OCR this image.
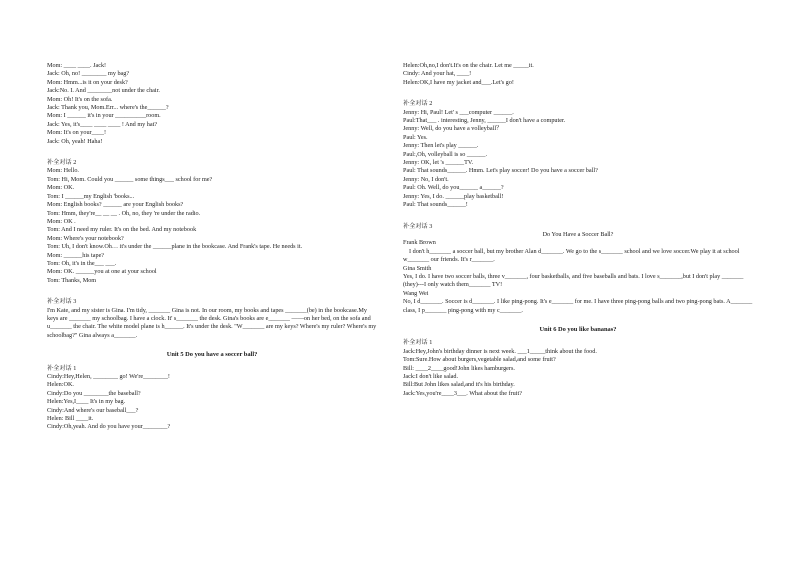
Mom: ____ ____. Jack!
Jack: Oh, no! ________ my bag?
Mom: Hmm...is it on your desk?
Jack:No. I. And ________not under the chair.
Mom: Oh! It's on the sofa.
Jack: Thank you, Mom.Err... where's the______?
Mom: I ______ it's in your __________room.
Jack: Yes, it's____ ____ ____ ! And my hat?
Mom: It's on your____!
Jack: Oh, yeah! Haha!
补全对话 2
Mom: Hello.
Tom: Hi, Mom. Could you ______ some things___ school for me?
Mom: OK.
Tom: I ______my English 'books...
Mom: English books? ______ are your English books?
Tom: Hmm, they're__ __ __ . Oh, no, they 're under the radio.
Mom: OK .
Tom: And I need my ruler. It's on the bed. And my notebook
Mom: Where's your notebook?
Tom: Uh, I don't know.Oh… it's under the ______plane in the bookcase. And Frank's tape. He needs it.
Mom: ______his tape?
Tom: Oh, it's in the___ ___.
Mom: OK. ______you at one at your school
Tom: Thanks, Mom
补全对话 3
I'm Kate, and my sister is Gina. I'm tidy, _______ Gina is not. In our room, my books and tapes _______(be) in the bookcase.My keys are _______ my schoolbag. I have a clock. It' s_______ the desk. Gina's books are e_______ ——on her bed, on the sofa and u_______ the chair. The white model plane is h______. It's under the desk. "W_______ are my keys? Where's my ruler? Where's my schoolbag?" Gina always a_______.
Unit 5 Do you have a soccer ball?
补全对话 1
Cindy:Hey,Helen, ________ go! We're________!
Helen:OK.
Cindy:Do you ________the baseball?
Helen:Yes,I____ It's in my bag.
Cindy:And where's our baseball___?
Helen: Bill ____it.
Cindy:Oh,yeah. And do you have your________?
Helen:Oh,no,I don't.It's on the chair. Let me _____it.
Cindy: And your hat, ____!
Helen:OK,I have my jacket and___.Let's go!
补全对话 2
Jenny: Hi, Paul! Let' s ___computer ______.
Paul:That___ . interesting, Jenny, ______I don't have a computer.
Jenny: Well, do you have a volleyball？
Paul: Yes.
Jenny: Then let's play ______.
Paul:,Oh, volleyball is so ______.
Jenny: OK, let 's ______TV.
Paul: That sounds______. Hmm. Let's play soccer! Do you have a soccer ball?
Jenny: No, I don't.
Paul: Oh. Well, do you______ a______?
Jenny: Yes, I do. ______play basketball!
Paul: That sounds______!
补全对话 3
Do You Have a Soccer Ball?
Frank Brown
I don't h_______ a soccer ball, but my brother Alan d_______. We go to the s_______ school and we love soccer.We play it at school w_______ our friends. It's r_______.
Gina Smith
Yes, I do. I have two soccer balls, three v_______, four basketballs, and five baseballs and bats. I love s_______,but I don't play _______ (they)---I only watch them_______ TV!
Wang Wei
No, I d_______. Soccer is d_______. I like ping-pong. It's e_______ for me. I have three ping-pong balls and two ping-pong bats. A_______ class, I p_______ ping-pong with my c_______.
Unit 6 Do you like bananas?
补全对话 1
Jack:Hey,John's birthday dinner is next week. ___1_____think about the food.
Tom:Sure.How about burgers,vegetable salad,and some fruit?
Bill: ____2____good!John likes hamburgers.
Jack:I don't like salad.
Bill:But John likes salad,and it's his birthday.
Jack:Yes,you're____3___. What about the fruit?
